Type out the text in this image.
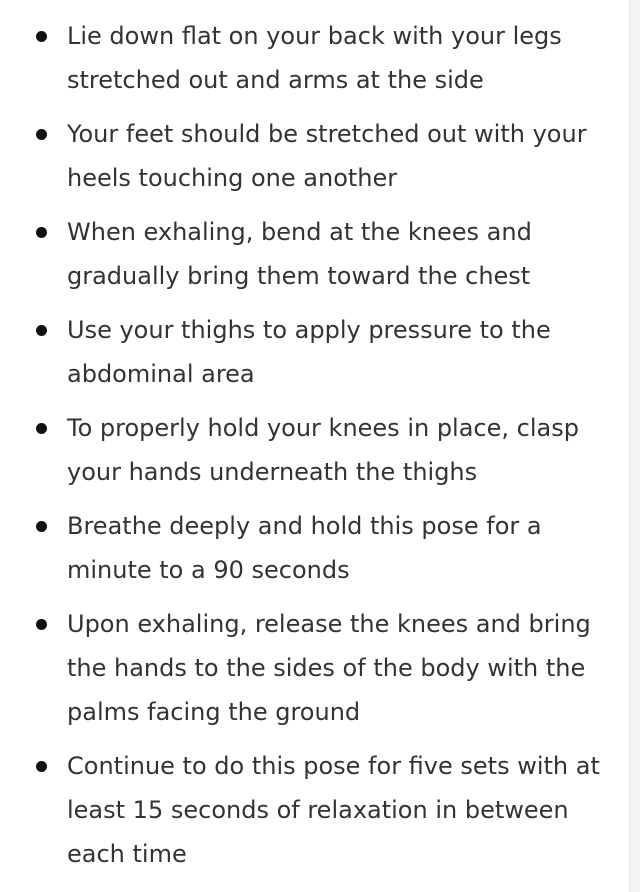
Lie down flat on your back with your legs stretched out and arms at the side
Your feet should be stretched out with your heels touching one another
When exhaling, bend at the knees and gradually bring them toward the chest
Use your thighs to apply pressure to the abdominal area
To properly hold your knees in place, clasp your hands underneath the thighs
Breathe deeply and hold this pose for a minute to a 90 seconds
Upon exhaling, release the knees and bring the hands to the sides of the body with the palms facing the ground
Continue to do this pose for five sets with at least 15 seconds of relaxation in between each time
